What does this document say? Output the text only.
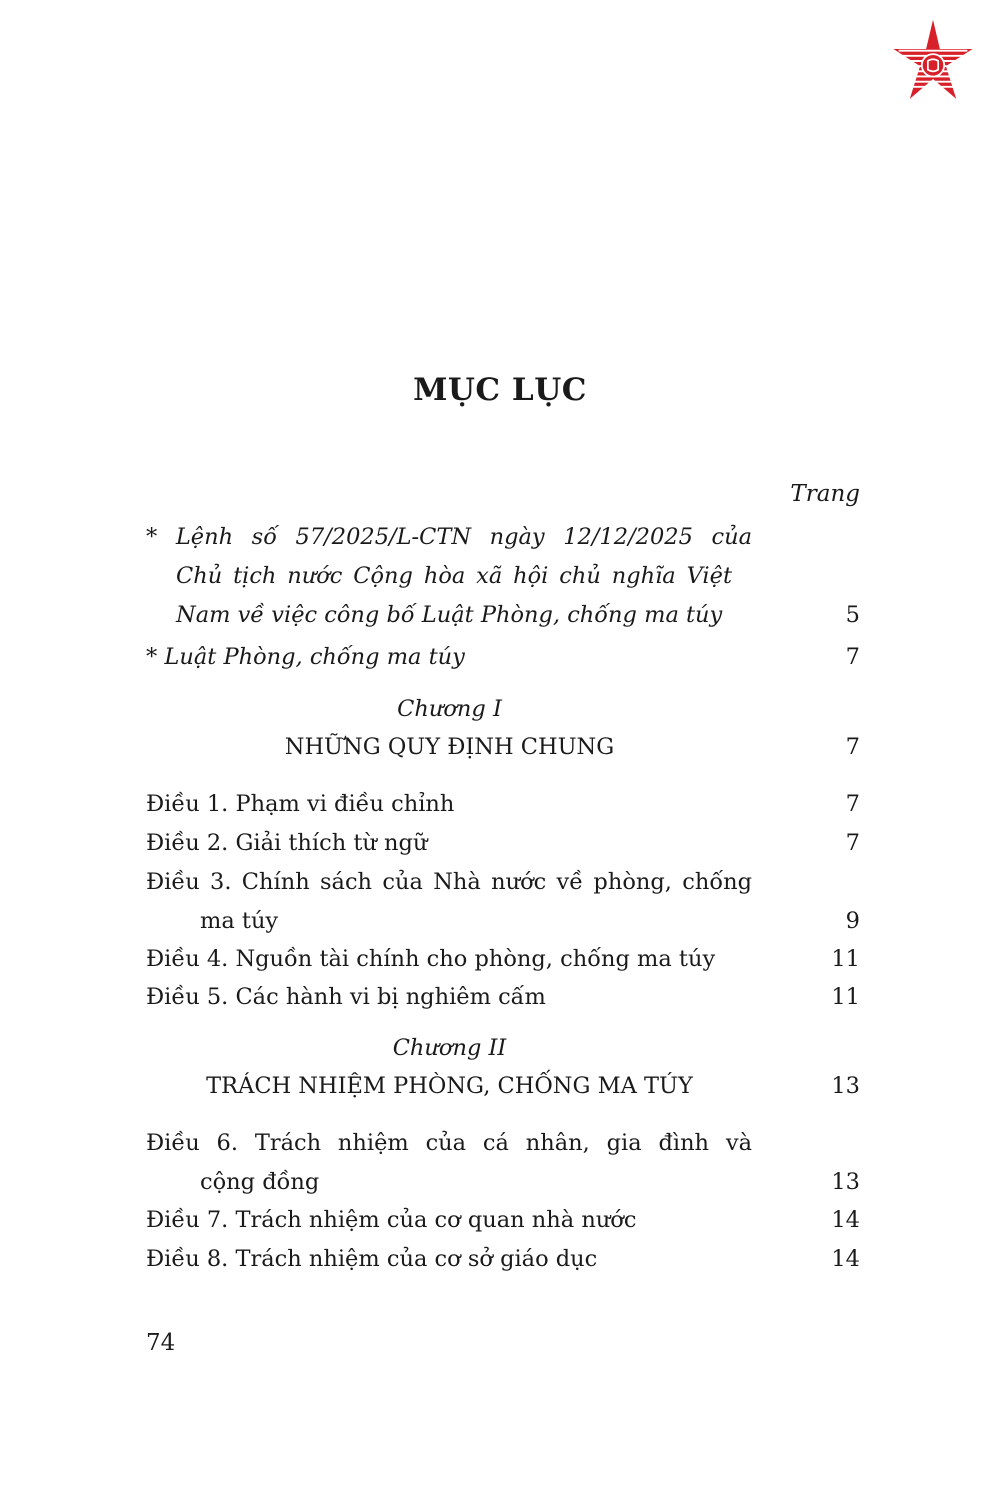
MỤC LỤC
Trang
* Lệnh số 57/2025/L-CTN ngày 12/12/2025 của
Chủ tịch nước Cộng hòa xã hội chủ nghĩa Việt
Nam về việc công bố Luật Phòng, chống ma túy	5
* Luật Phòng, chống ma túy	7
Chương I
NHỮNG QUY ĐỊNH CHUNG	7
Điều 1. Phạm vi điều chỉnh	7
Điều 2. Giải thích từ ngữ	7
Điều 3. Chính sách của Nhà nước về phòng, chống
ma túy	9
Điều 4. Nguồn tài chính cho phòng, chống ma túy	11
Điều 5. Các hành vi bị nghiêm cấm	11
Chương II
TRÁCH NHIỆM PHÒNG, CHỐNG MA TÚY	13
Điều 6. Trách nhiệm của cá nhân, gia đình và
cộng đồng	13
Điều 7. Trách nhiệm của cơ quan nhà nước	14
Điều 8. Trách nhiệm của cơ sở giáo dục	14
74
